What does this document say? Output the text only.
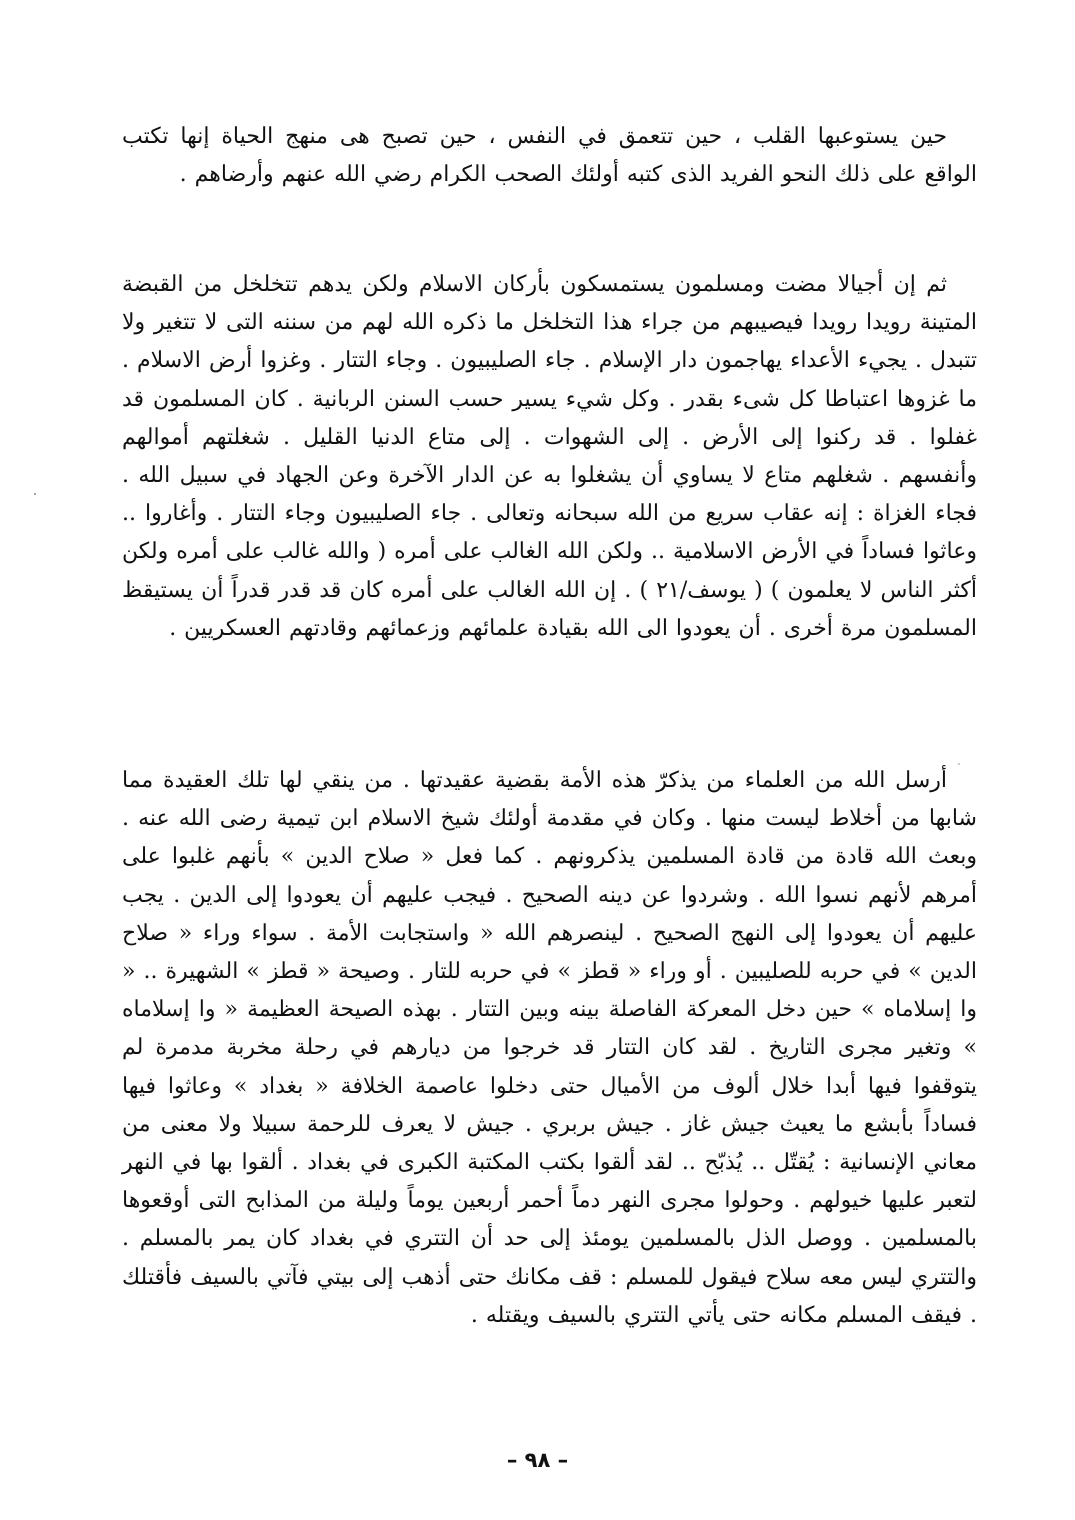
حين يستوعبها القلب ، حين تتعمق في النفس ، حين تصبح هى منهج الحياة إنها تكتب الواقع على ذلك النحو الفريد الذى كتبه أولئك الصحب الكرام رضي الله عنهم وأرضاهم .

ثم إن أجيالا مضت ومسلمون يستمسكون بأركان الاسلام ولكن يدهم تتخلخل من القبضة المتينة رويدا رويدا فيصيبهم من جراء هذا التخلخل ما ذكره الله لهم من سننه التى لا تتغير ولا تتبدل . يجيء الأعداء يهاجمون دار الإسلام . جاء الصليبيون . وجاء التتار . وغزوا أرض الاسلام . ما غزوها اعتباطا كل شىء بقدر . وكل شيء يسير حسب السنن الربانية . كان المسلمون قد غفلوا . قد ركنوا إلى الأرض . إلى الشهوات . إلى متاع الدنيا القليل . شغلتهم أموالهم وأنفسهم . شغلهم متاع لا يساوي أن يشغلوا به عن الدار الآخرة وعن الجهاد في سبيل الله . فجاء الغزاة : إنه عقاب سريع من الله سبحانه وتعالى . جاء الصليبيون وجاء التتار . وأغاروا .. وعاثوا فساداً في الأرض الاسلامية .. ولكن الله الغالب على أمره ( والله غالب على أمره ولكن أكثر الناس لا يعلمون ) ( يوسف/٢١ ) . إن الله الغالب على أمره كان قد قدر قدراً أن يستيقظ المسلمون مرة أخرى . أن يعودوا الى الله بقيادة علمائهم وزعمائهم وقادتهم العسكريين .

أرسل الله من العلماء من يذكرّ هذه الأمة بقضية عقيدتها . من ينقي لها تلك العقيدة مما شابها من أخلاط ليست منها . وكان في مقدمة أولئك شيخ الاسلام ابن تيمية رضى الله عنه . وبعث الله قادة من قادة المسلمين يذكرونهم . كما فعل « صلاح الدين » بأنهم غلبوا على أمرهم لأنهم نسوا الله . وشردوا عن دينه الصحيح . فيجب عليهم أن يعودوا إلى الدين . يجب عليهم أن يعودوا إلى النهج الصحيح . لينصرهم الله « واستجابت الأمة . سواء وراء « صلاح الدين » في حربه للصليبين . أو وراء « قطز » في حربه للتار . وصيحة « قطز » الشهيرة .. « وا إسلاماه » حين دخل المعركة الفاصلة بينه وبين التتار . بهذه الصيحة العظيمة « وا إسلاماه » وتغير مجرى التاريخ . لقد كان التتار قد خرجوا من ديارهم في رحلة مخربة مدمرة لم يتوقفوا فيها أبدا خلال ألوف من الأميال حتى دخلوا عاصمة الخلافة « بغداد » وعاثوا فيها فساداً بأبشع ما يعيث جيش غاز . جيش بربري . جيش لا يعرف للرحمة سبيلا ولا معنى من معاني الإنسانية : يُقتّل .. يُذبّح .. لقد ألقوا بكتب المكتبة الكبرى في بغداد . ألقوا بها في النهر لتعبر عليها خيولهم . وحولوا مجرى النهر دماً أحمر أربعين يوماً وليلة من المذابح التى أوقعوها بالمسلمين . ووصل الذل بالمسلمين يومئذ إلى حد أن التتري في بغداد كان يمر بالمسلم . والتتري ليس معه سلاح فيقول للمسلم : قف مكانك حتى أذهب إلى بيتي فآتي بالسيف فأقتلك . فيقف المسلم مكانه حتى يأتي التتري بالسيف ويقتله .

– ٩٨ –
